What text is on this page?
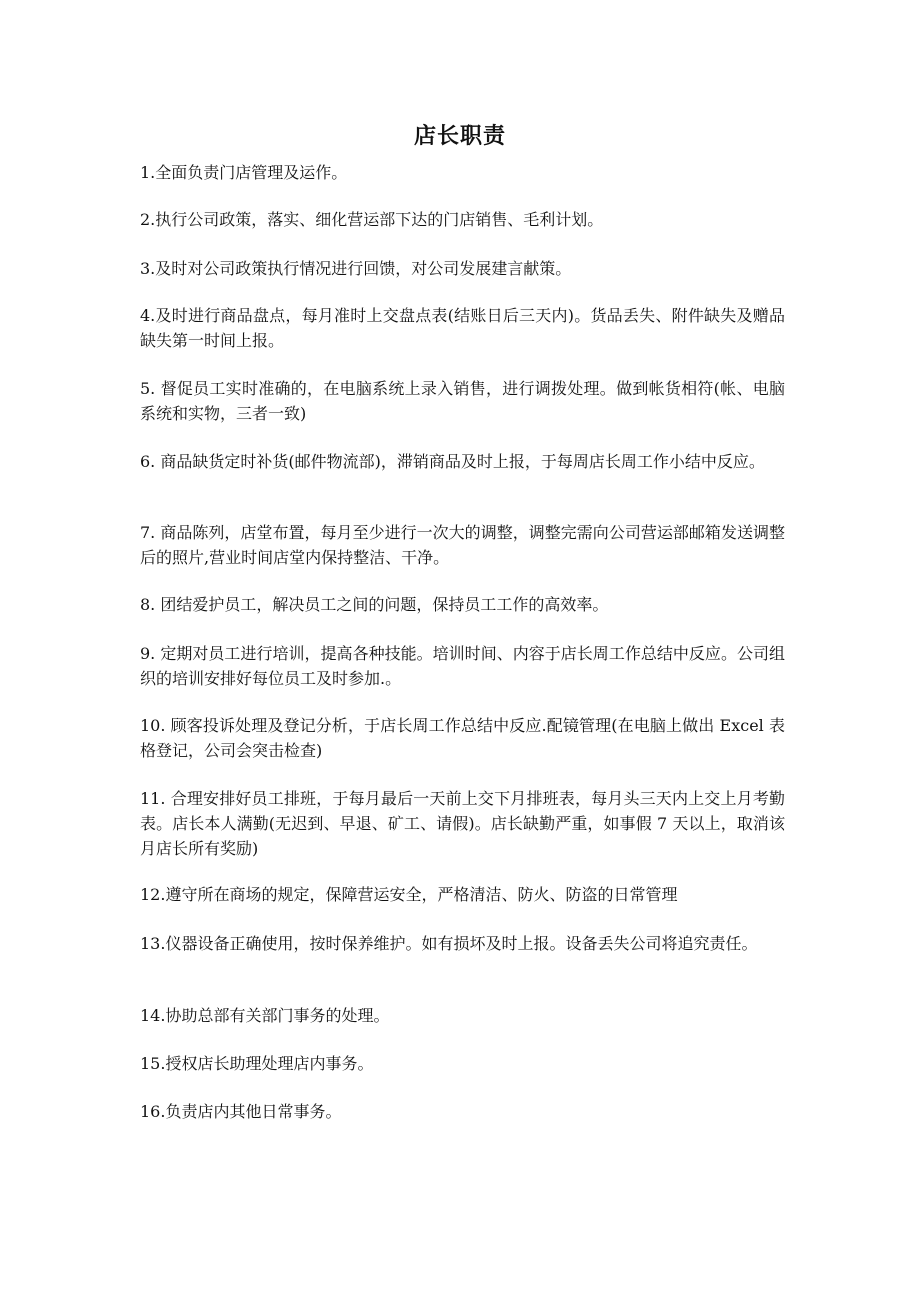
店长职责

1.全面负责门店管理及运作。

2.执行公司政策，落实、细化营运部下达的门店销售、毛利计划。

3.及时对公司政策执行情况进行回馈，对公司发展建言献策。

4.及时进行商品盘点，每月准时上交盘点表(结账日后三天内)。货品丢失、附件缺失及赠品缺失第一时间上报。

5. 督促员工实时准确的，在电脑系统上录入销售，进行调拨处理。做到帐货相符(帐、电脑系统和实物，三者一致)

6. 商品缺货定时补货(邮件物流部)，滞销商品及时上报，于每周店长周工作小结中反应。

7. 商品陈列，店堂布置，每月至少进行一次大的调整，调整完需向公司营运部邮箱发送调整后的照片,营业时间店堂内保持整洁、干净。

8. 团结爱护员工，解决员工之间的问题，保持员工工作的高效率。

9. 定期对员工进行培训，提高各种技能。培训时间、内容于店长周工作总结中反应。公司组织的培训安排好每位员工及时参加.。

10. 顾客投诉处理及登记分析，于店长周工作总结中反应.配镜管理(在电脑上做出 Excel 表格登记，公司会突击检查)

11. 合理安排好员工排班，于每月最后一天前上交下月排班表，每月头三天内上交上月考勤表。店长本人满勤(无迟到、早退、矿工、请假)。店长缺勤严重，如事假 7 天以上，取消该月店长所有奖励)

12.遵守所在商场的规定，保障营运安全，严格清洁、防火、防盗的日常管理

13.仪器设备正确使用，按时保养维护。如有损坏及时上报。设备丢失公司将追究责任。

14.协助总部有关部门事务的处理。

15.授权店长助理处理店内事务。

16.负责店内其他日常事务。
